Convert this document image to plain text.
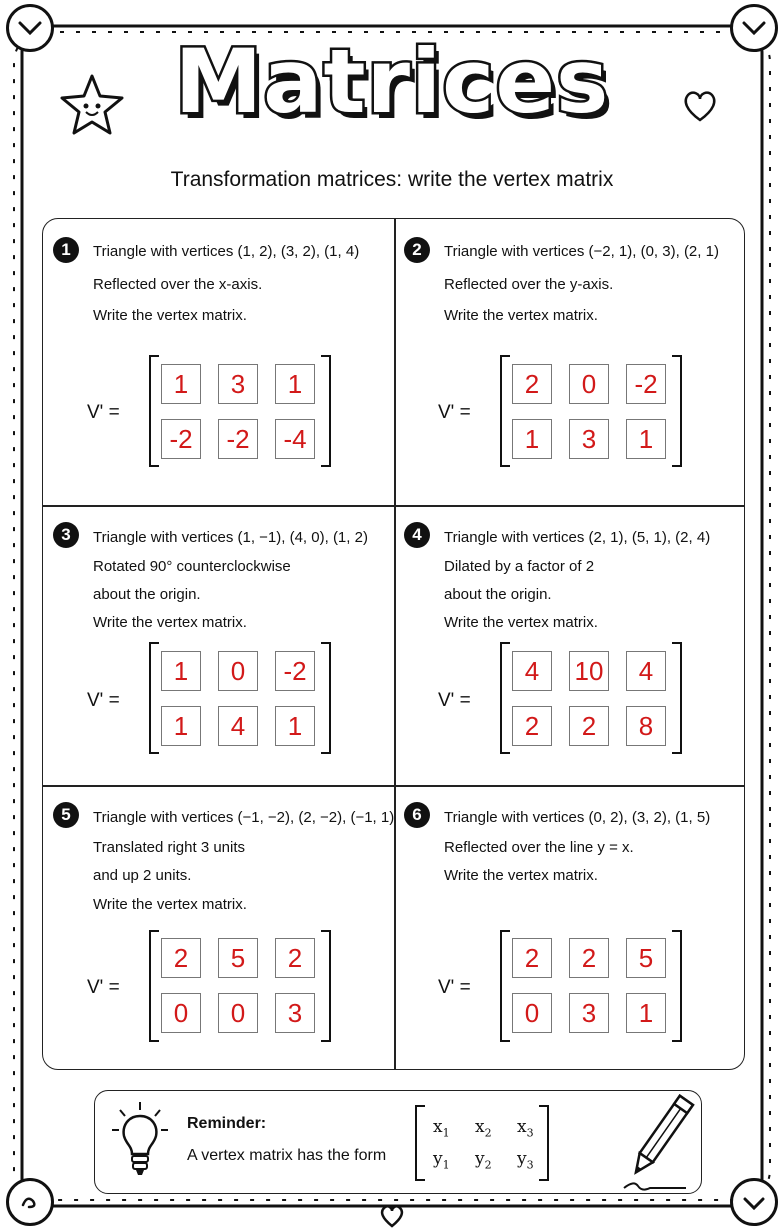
Matrices
Transformation matrices: write the vertex matrix
1	Triangle with vertices (1, 2), (3, 2), (1, 4)
Reflected over the x-axis.
Write the vertex matrix.
V' =
1	3	1
-2	-2	-4
2	Triangle with vertices (−2, 1), (0, 3), (2, 1)
Reflected over the y-axis.
Write the vertex matrix.
V' =
2	0	-2
1	3	1
3	Triangle with vertices (1, −1), (4, 0), (1, 2)
Rotated 90° counterclockwise
about the origin.
Write the vertex matrix.
V' =
1	0	-2
1	4	1
4	Triangle with vertices (2, 1), (5, 1), (2, 4)
Dilated by a factor of 2
about the origin.
Write the vertex matrix.
V' =
4	10	4
2	2	8
5	Triangle with vertices (−1, −2), (2, −2), (−1, 1)
Translated right 3 units
and up 2 units.
Write the vertex matrix.
V' =
2	5	2
0	0	3
6	Triangle with vertices (0, 2), (3, 2), (1, 5)
Reflected over the line y = x.
Write the vertex matrix.
V' =
2	2	5
0	3	1
Reminder:
A vertex matrix has the form
$x_1$ $x_2$ $x_3$
$y_1$ $y_2$ $y_3$
